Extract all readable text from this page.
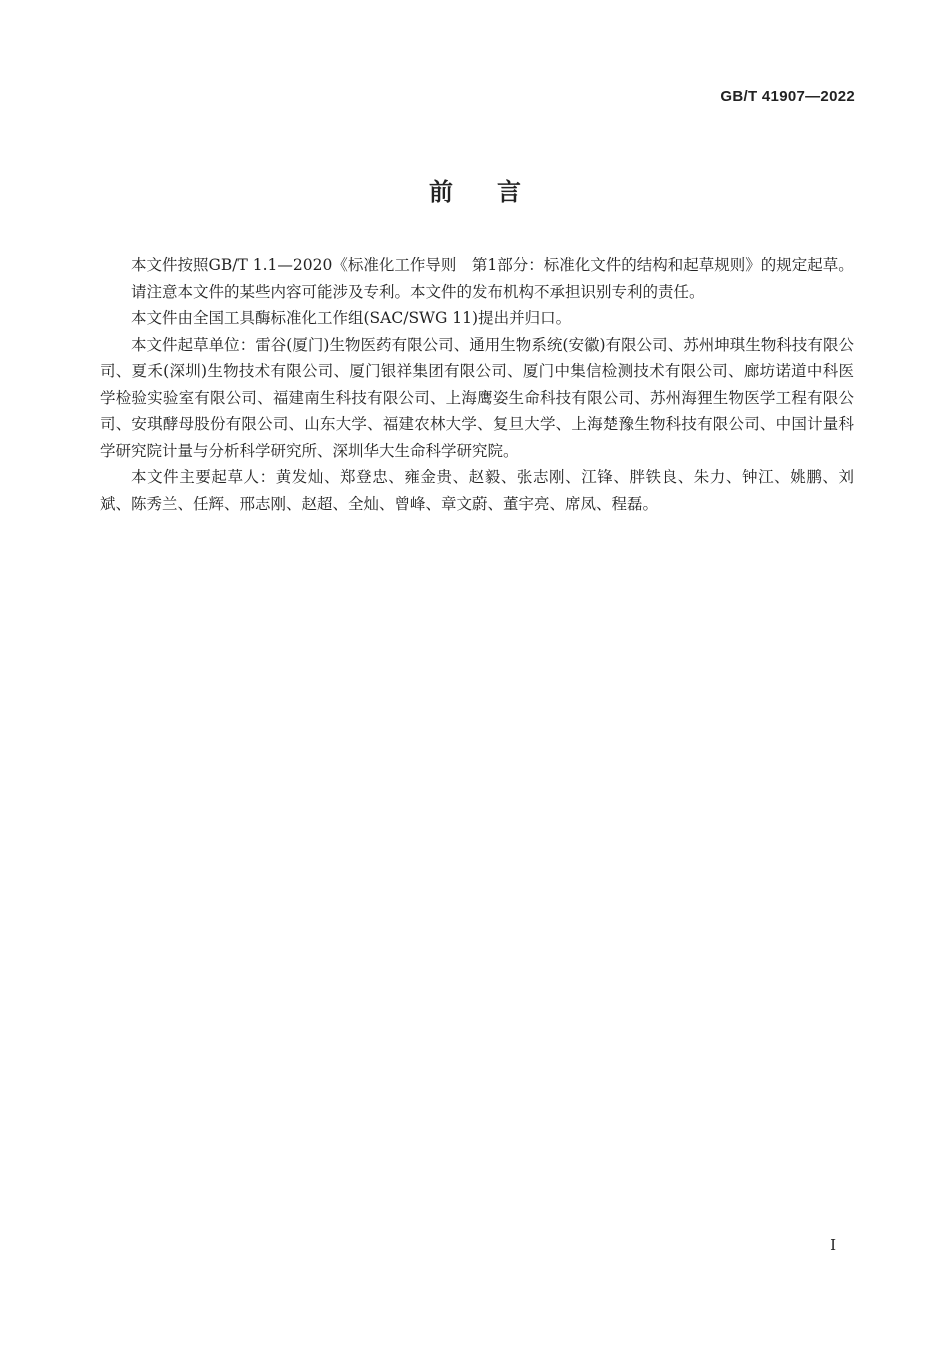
GB/T 41907—2022
前言

本文件按照GB/T 1.1—2020《标准化工作导则　第1部分：标准化文件的结构和起草规则》的规定起草。

请注意本文件的某些内容可能涉及专利。本文件的发布机构不承担识别专利的责任。

本文件由全国工具酶标准化工作组(SAC/SWG 11)提出并归口。

本文件起草单位：雷谷(厦门)生物医药有限公司、通用生物系统(安徽)有限公司、苏州坤琪生物科技有限公司、夏禾(深圳)生物技术有限公司、厦门银祥集团有限公司、厦门中集信检测技术有限公司、廊坊诺道中科医学检验实验室有限公司、福建南生科技有限公司、上海鹰姿生命科技有限公司、苏州海狸生物医学工程有限公司、安琪酵母股份有限公司、山东大学、福建农林大学、复旦大学、上海楚豫生物科技有限公司、中国计量科学研究院计量与分析科学研究所、深圳华大生命科学研究院。

本文件主要起草人：黄发灿、郑登忠、雍金贵、赵毅、张志刚、江锋、胖铁良、朱力、钟江、姚鹏、刘斌、陈秀兰、任辉、邢志刚、赵超、全灿、曾峰、章文蔚、董宇亮、席凤、程磊。

I
